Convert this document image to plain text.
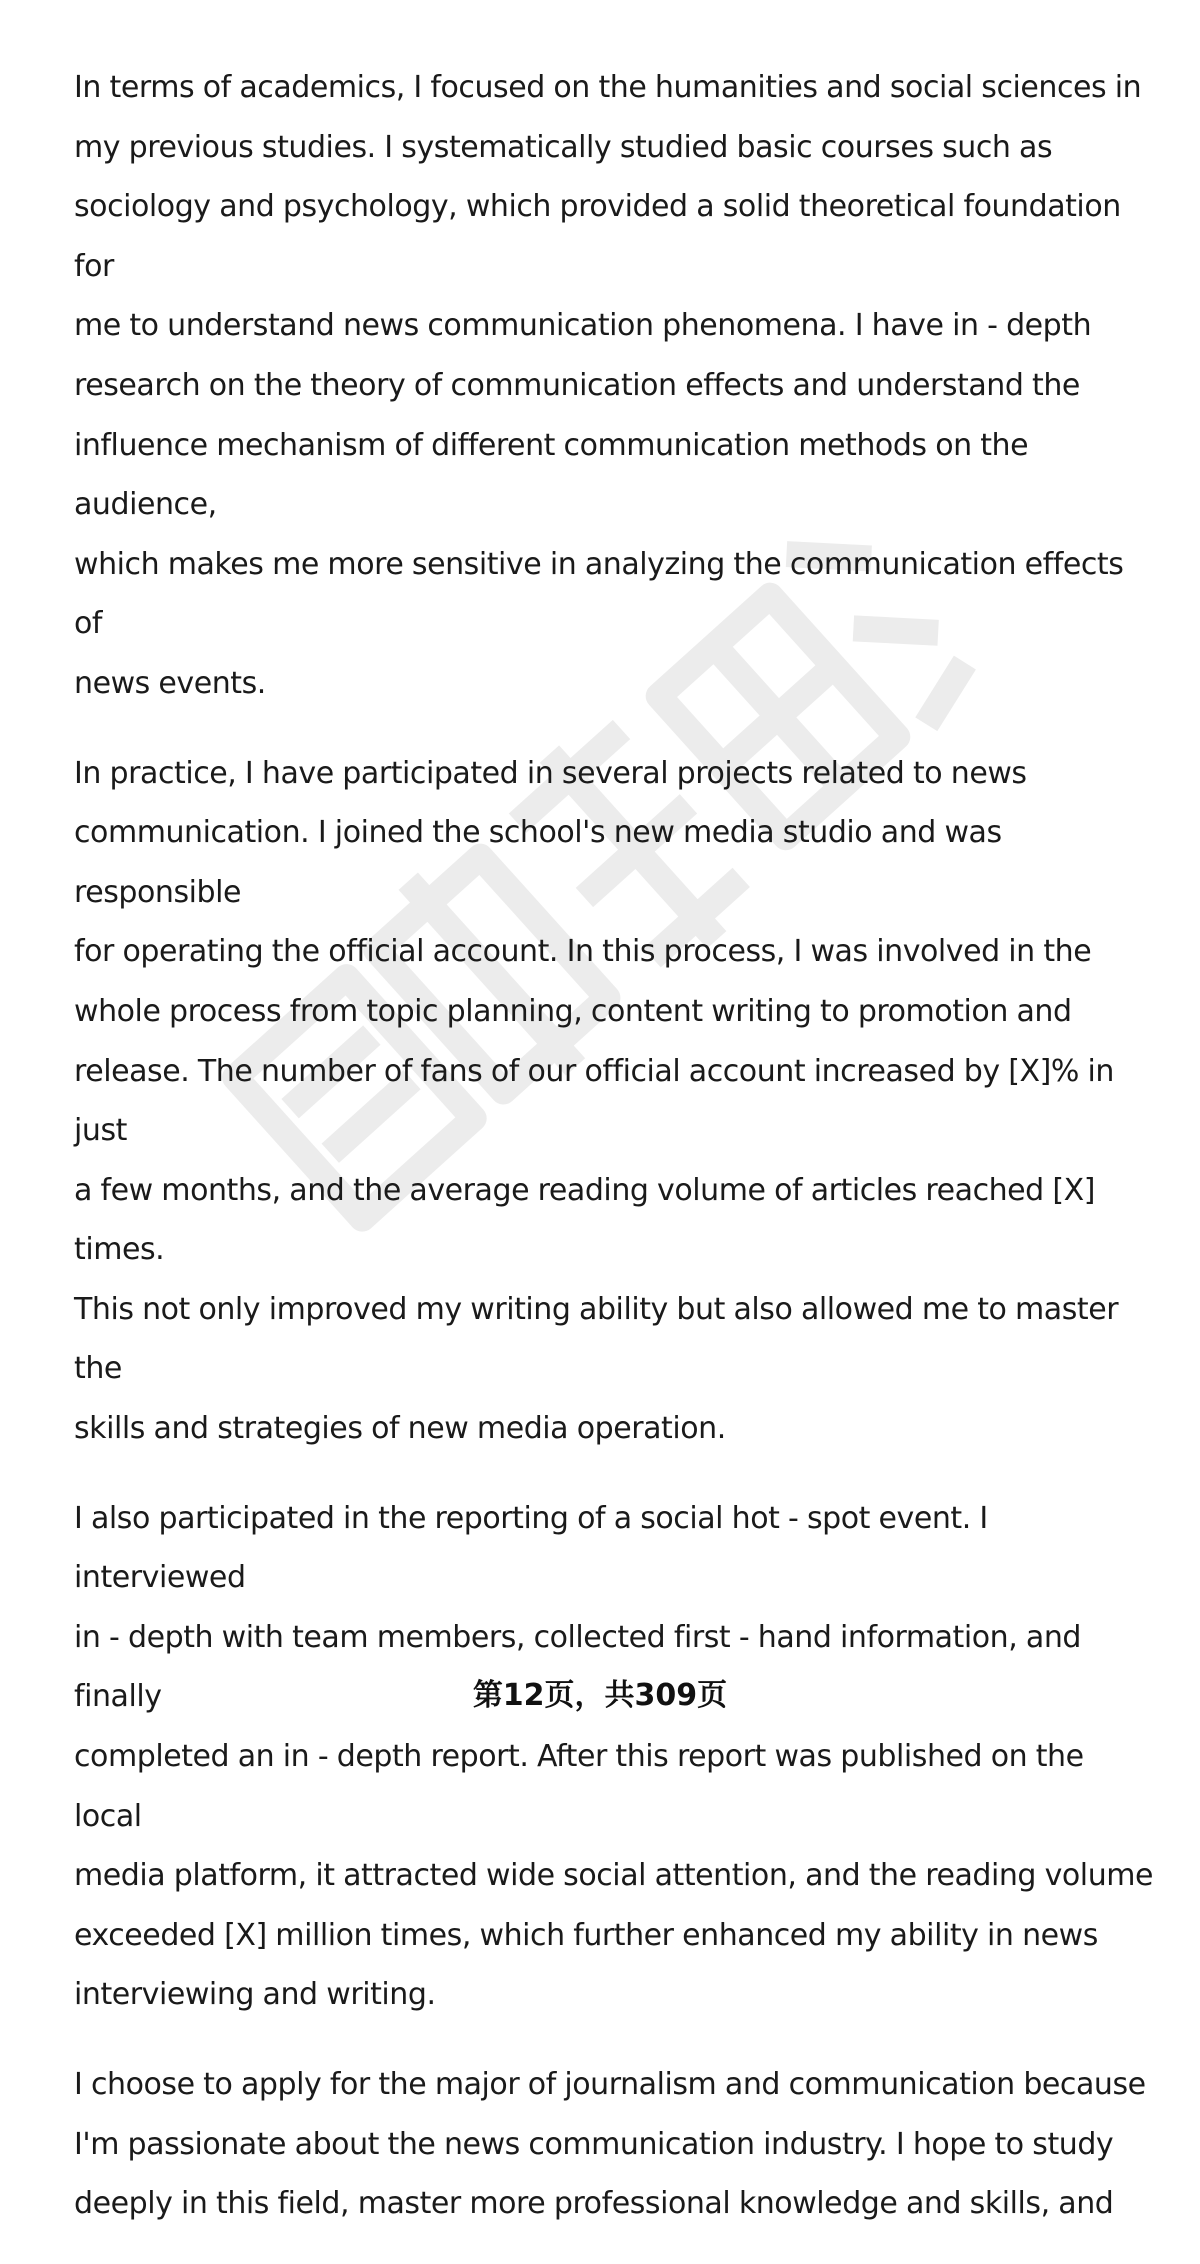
In terms of academics, I focused on the humanities and social sciences in
my previous studies. I systematically studied basic courses such as
sociology and psychology, which provided a solid theoretical foundation for
me to understand news communication phenomena. I have in - depth
research on the theory of communication effects and understand the
influence mechanism of different communication methods on the audience,
which makes me more sensitive in analyzing the communication effects of
news events.
In practice, I have participated in several projects related to news
communication. I joined the school's new media studio and was responsible
for operating the official account. In this process, I was involved in the
whole process from topic planning, content writing to promotion and
release. The number of fans of our official account increased by [X]% in just
a few months, and the average reading volume of articles reached [X] times.
This not only improved my writing ability but also allowed me to master the
skills and strategies of new media operation.
I also participated in the reporting of a social hot - spot event. I interviewed
in - depth with team members, collected first - hand information, and finally
completed an in - depth report. After this report was published on the local
media platform, it attracted wide social attention, and the reading volume
exceeded [X] million times, which further enhanced my ability in news
interviewing and writing.
I choose to apply for the major of journalism and communication because
I'm passionate about the news communication industry. I hope to study
deeply in this field, master more professional knowledge and skills, and
第12页，共309页
